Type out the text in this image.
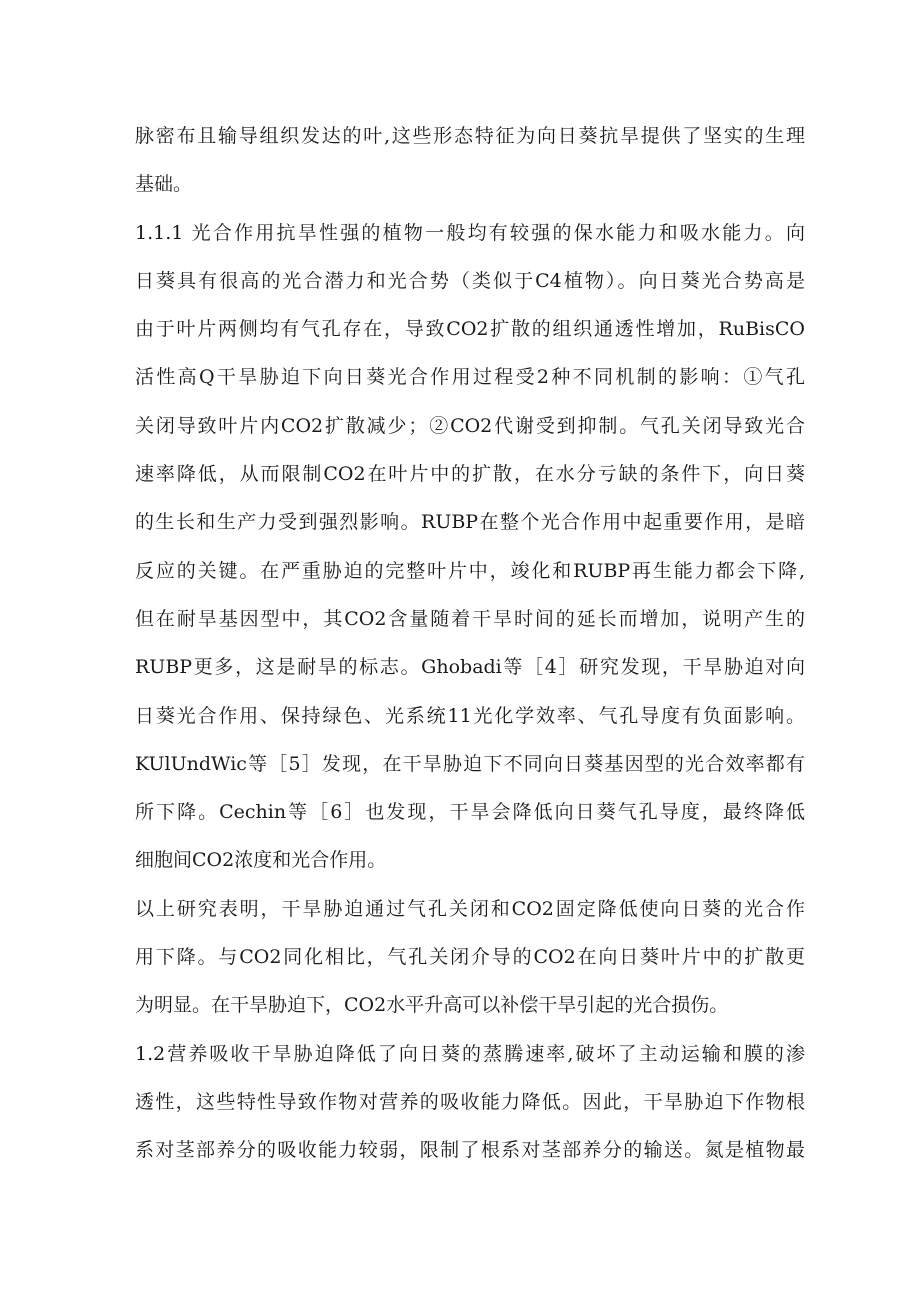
脉密布且输导组织发达的叶,这些形态特征为向日葵抗旱提供了坚实的生理
基础。
1.1.1 光合作用抗旱性强的植物一般均有较强的保水能力和吸水能力。向
日葵具有很高的光合潜力和光合势（类似于C4植物）。向日葵光合势高是
由于叶片两侧均有气孔存在，导致CO2扩散的组织通透性增加，RuBisCO
活性高Q干旱胁迫下向日葵光合作用过程受2种不同机制的影响：①气孔
关闭导致叶片内CO2扩散减少；②CO2代谢受到抑制。气孔关闭导致光合
速率降低，从而限制CO2在叶片中的扩散，在水分亏缺的条件下，向日葵
的生长和生产力受到强烈影响。RUBP在整个光合作用中起重要作用，是暗
反应的关键。在严重胁迫的完整叶片中，竣化和RUBP再生能力都会下降,
但在耐旱基因型中，其CO2含量随着干旱时间的延长而增加，说明产生的
RUBP更多，这是耐旱的标志。Ghobadi等［4］研究发现，干旱胁迫对向
日葵光合作用、保持绿色、光系统11光化学效率、气孔导度有负面影响。
KUlUndWic等［5］发现，在干旱胁迫下不同向日葵基因型的光合效率都有
所下降。Cechin等［6］也发现，干旱会降低向日葵气孔导度，最终降低
细胞间CO2浓度和光合作用。
以上研究表明，干旱胁迫通过气孔关闭和CO2固定降低使向日葵的光合作
用下降。与CO2同化相比，气孔关闭介导的CO2在向日葵叶片中的扩散更
为明显。在干旱胁迫下，CO2水平升高可以补偿干旱引起的光合损伤。
1.2营养吸收干旱胁迫降低了向日葵的蒸腾速率,破坏了主动运输和膜的渗
透性，这些特性导致作物对营养的吸收能力降低。因此，干旱胁迫下作物根
系对茎部养分的吸收能力较弱，限制了根系对茎部养分的输送。氮是植物最
